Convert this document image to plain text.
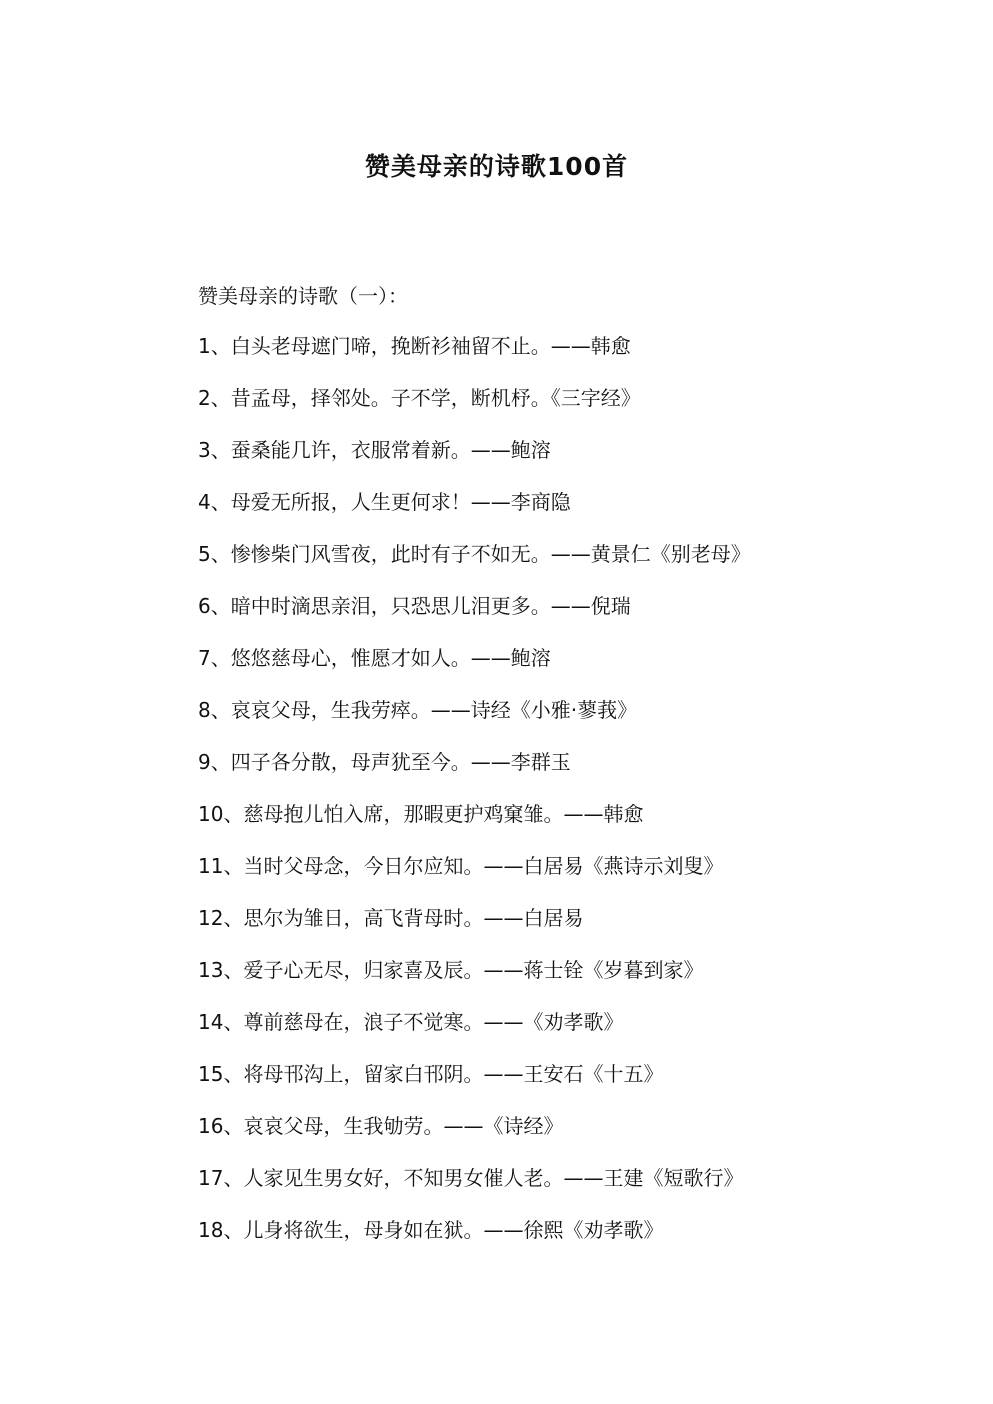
赞美母亲的诗歌100首
赞美母亲的诗歌（一）：
1、白头老母遮门啼，挽断衫袖留不止。——韩愈
2、昔孟母，择邻处。子不学，断机杼。《三字经》
3、蚕桑能几许，衣服常着新。——鲍溶
4、母爱无所报，人生更何求！——李商隐
5、惨惨柴门风雪夜，此时有子不如无。——黄景仁《别老母》
6、暗中时滴思亲泪，只恐思儿泪更多。——倪瑞
7、悠悠慈母心，惟愿才如人。——鲍溶
8、哀哀父母，生我劳瘁。——诗经《小雅·蓼莪》
9、四子各分散，母声犹至今。——李群玉
10、慈母抱儿怕入席，那暇更护鸡窠雏。——韩愈
11、当时父母念，今日尔应知。——白居易《燕诗示刘叟》
12、思尔为雏日，高飞背母时。——白居易
13、爱子心无尽，归家喜及辰。——蒋士铨《岁暮到家》
14、尊前慈母在，浪子不觉寒。——《劝孝歌》
15、将母邗沟上，留家白邗阴。——王安石《十五》
16、哀哀父母，生我劬劳。——《诗经》
17、人家见生男女好，不知男女催人老。——王建《短歌行》
18、儿身将欲生，母身如在狱。——徐熙《劝孝歌》
